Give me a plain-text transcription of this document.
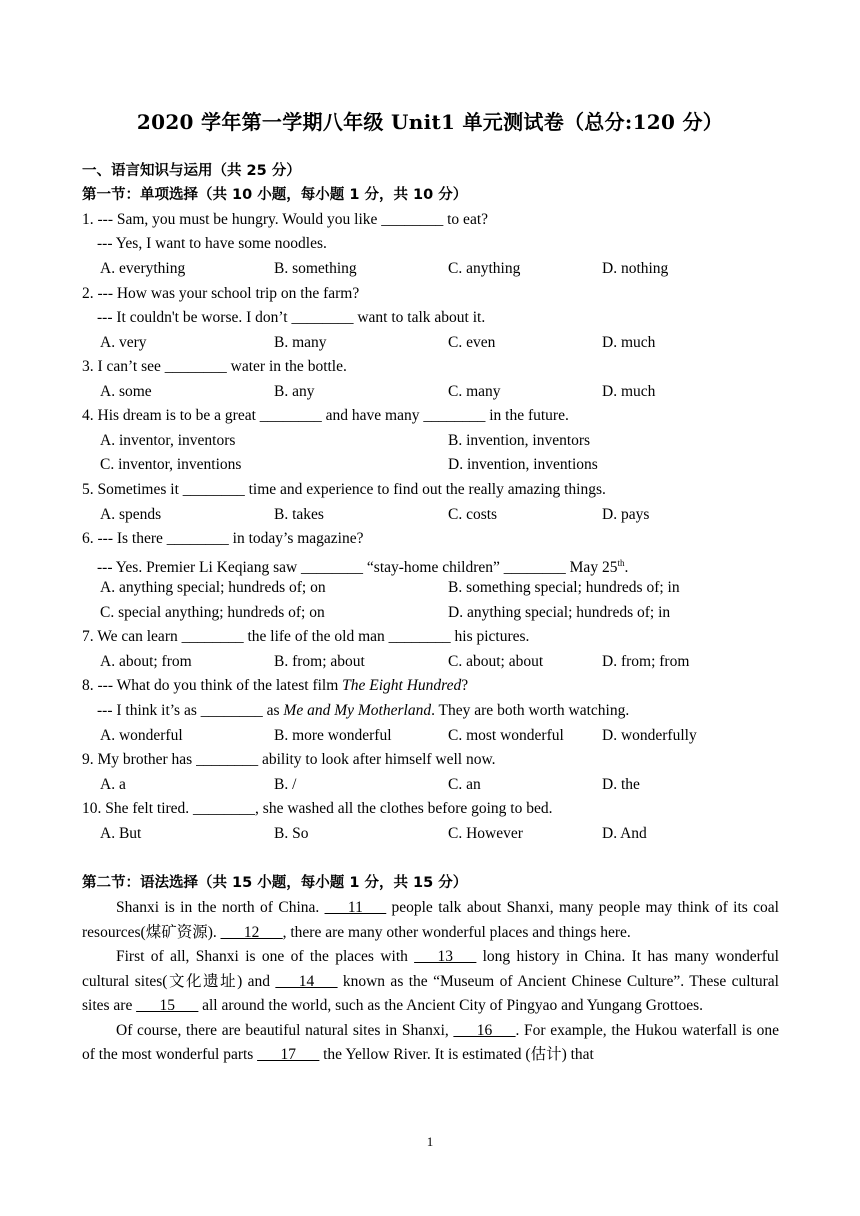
2020 学年第一学期八年级 Unit1 单元测试卷（总分:120 分）
一、语言知识与运用（共 25 分）
第一节：单项选择（共 10 小题，每小题 1 分，共 10 分）
1. --- Sam, you must be hungry. Would you like ________ to eat?
--- Yes, I want to have some noodles.
A. everything	B. something	C. anything	D. nothing
2. --- How was your school trip on the farm?
--- It couldn't be worse. I don’t ________ want to talk about it.
A. very	B. many	C. even	D. much
3. I can’t see ________ water in the bottle.
A. some	B. any	C. many	D. much
4. His dream is to be a great ________ and have many ________ in the future.
A. inventor, inventors	B. invention, inventors
C. inventor, inventions	D. invention, inventions
5. Sometimes it ________ time and experience to find out the really amazing things.
A. spends	B. takes	C. costs	D. pays
6. --- Is there ________ in today’s magazine?
--- Yes. Premier Li Keqiang saw ________ “stay-home children” ________ May 25th.
A. anything special; hundreds of; on	B. something special; hundreds of; in
C. special anything; hundreds of; on	D. anything special; hundreds of; in
7. We can learn ________ the life of the old man ________ his pictures.
A. about; from	B. from; about	C. about; about	D. from; from
8. --- What do you think of the latest film The Eight Hundred?
--- I think it’s as ________ as Me and My Motherland. They are both worth watching.
A. wonderful	B. more wonderful	C. most wonderful D. wonderfully
9. My brother has ________ ability to look after himself well now.
A. a	B. /	C. an	D. the
10. She felt tired. ________, she washed all the clothes before going to bed.
A. But	B. So	C. However	D. And
第二节：语法选择（共 15 小题，每小题 1 分，共 15 分）
Shanxi is in the north of China. ___11___ people talk about Shanxi, many people may think of its coal resources(煤矿资源). ___12___, there are many other wonderful places and things here.
First of all, Shanxi is one of the places with ___13___ long history in China. It has many wonderful cultural sites(文化遗址) and ___14___ known as the “Museum of Ancient Chinese Culture”. These cultural sites are ___15___ all around the world, such as the Ancient City of Pingyao and Yungang Grottoes.
Of course, there are beautiful natural sites in Shanxi, ___16___. For example, the Hukou waterfall is one of the most wonderful parts ___17___ the Yellow River. It is estimated (估计) that
1
